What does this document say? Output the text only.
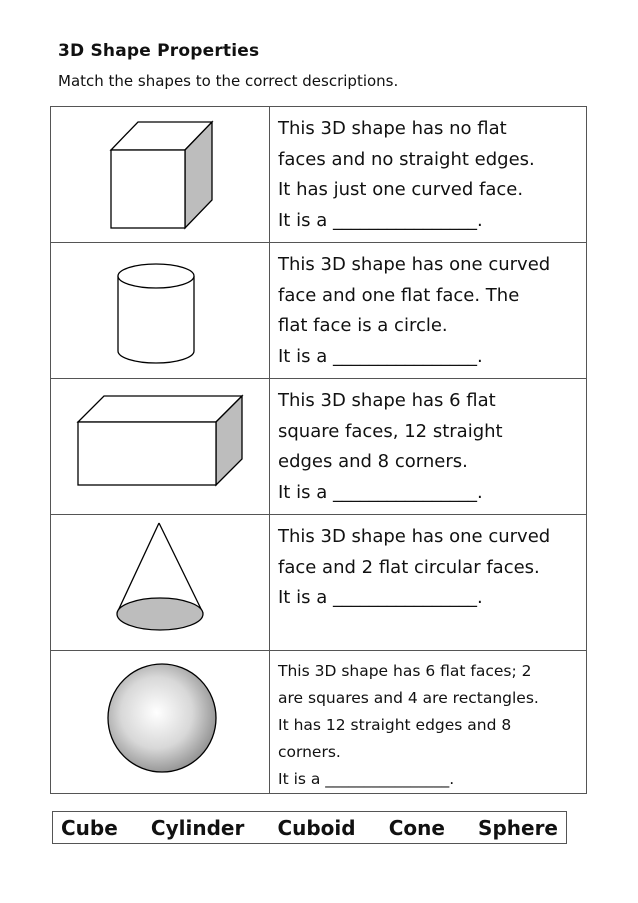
3D Shape Properties
Match the shapes to the correct descriptions.

This 3D shape has no flat
faces and no straight edges.
It has just one curved face.
It is a ________________.

This 3D shape has one curved
face and one flat face. The
flat face is a circle.
It is a ________________.

This 3D shape has 6 flat
square faces, 12 straight
edges and 8 corners.
It is a ________________.

This 3D shape has one curved
face and 2 flat circular faces.
It is a ________________.

This 3D shape has 6 flat faces; 2
are squares and 4 are rectangles.
It has 12 straight edges and 8
corners.
It is a ________________.
Cube Cylinder Cuboid Cone Sphere
